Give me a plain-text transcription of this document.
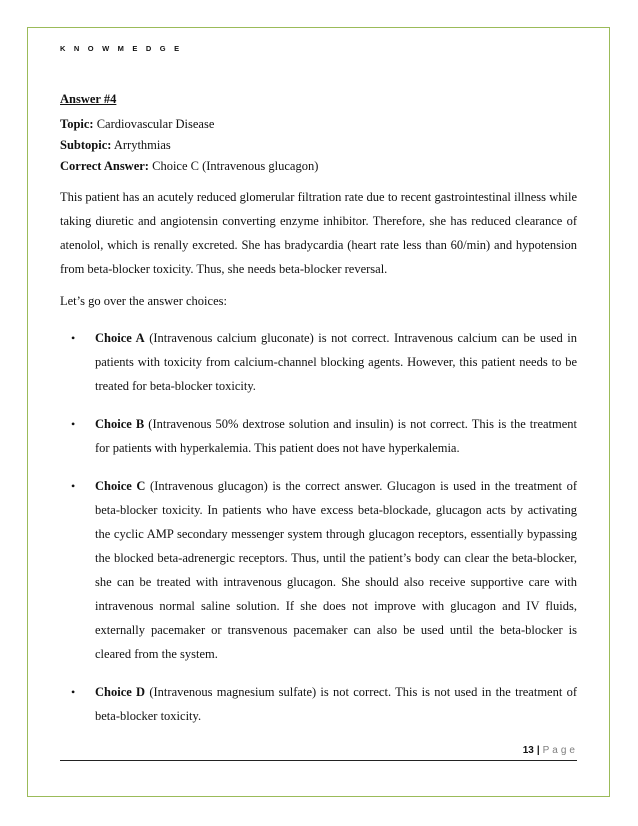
K N O W M E D G E

Answer #4

Topic: Cardiovascular Disease

Subtopic: Arrythmias

Correct Answer: Choice C (Intravenous glucagon)

This patient has an acutely reduced glomerular filtration rate due to recent gastrointestinal illness while taking diuretic and angiotensin converting enzyme inhibitor. Therefore, she has reduced clearance of atenolol, which is renally excreted. She has bradycardia (heart rate less than 60/min) and hypotension from beta-blocker toxicity. Thus, she needs beta-blocker reversal.

Let’s go over the answer choices:

• Choice A (Intravenous calcium gluconate) is not correct. Intravenous calcium can be used in patients with toxicity from calcium-channel blocking agents. However, this patient needs to be treated for beta-blocker toxicity.
• Choice B (Intravenous 50% dextrose solution and insulin) is not correct. This is the treatment for patients with hyperkalemia. This patient does not have hyperkalemia.
• Choice C (Intravenous glucagon) is the correct answer. Glucagon is used in the treatment of beta-blocker toxicity. In patients who have excess beta-blockade, glucagon acts by activating the cyclic AMP secondary messenger system through glucagon receptors, essentially bypassing the blocked beta-adrenergic receptors. Thus, until the patient’s body can clear the beta-blocker, she can be treated with intravenous glucagon. She should also receive supportive care with intravenous normal saline solution. If she does not improve with glucagon and IV fluids, externally pacemaker or transvenous pacemaker can also be used until the beta-blocker is cleared from the system.
• Choice D (Intravenous magnesium sulfate) is not correct. This is not used in the treatment of beta-blocker toxicity.
13 | Page
